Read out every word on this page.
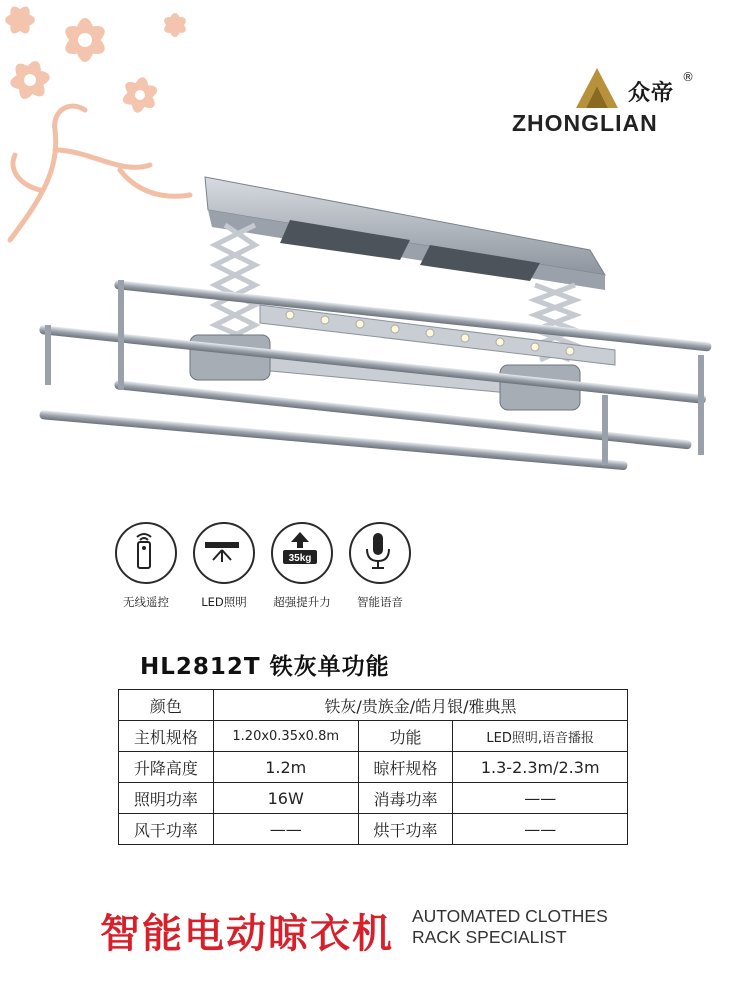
众帝
®
ZHONGLIAN
无线遥控	LED照明
35kg
超强提升力	智能语音
HL2812T 铁灰单功能
颜色	铁灰/贵族金/皓月银/雅典黑		
主机规格	1.20x0.35x0.8m	功能	LED照明,语音播报
升降高度	1.2m	晾杆规格	1.3-2.3m/2.3m
照明功率	16W	消毒功率	——
风干功率	——	烘干功率	——
智能电动晾衣机 AUTOMATED CLOTHES
RACK SPECIALIST
